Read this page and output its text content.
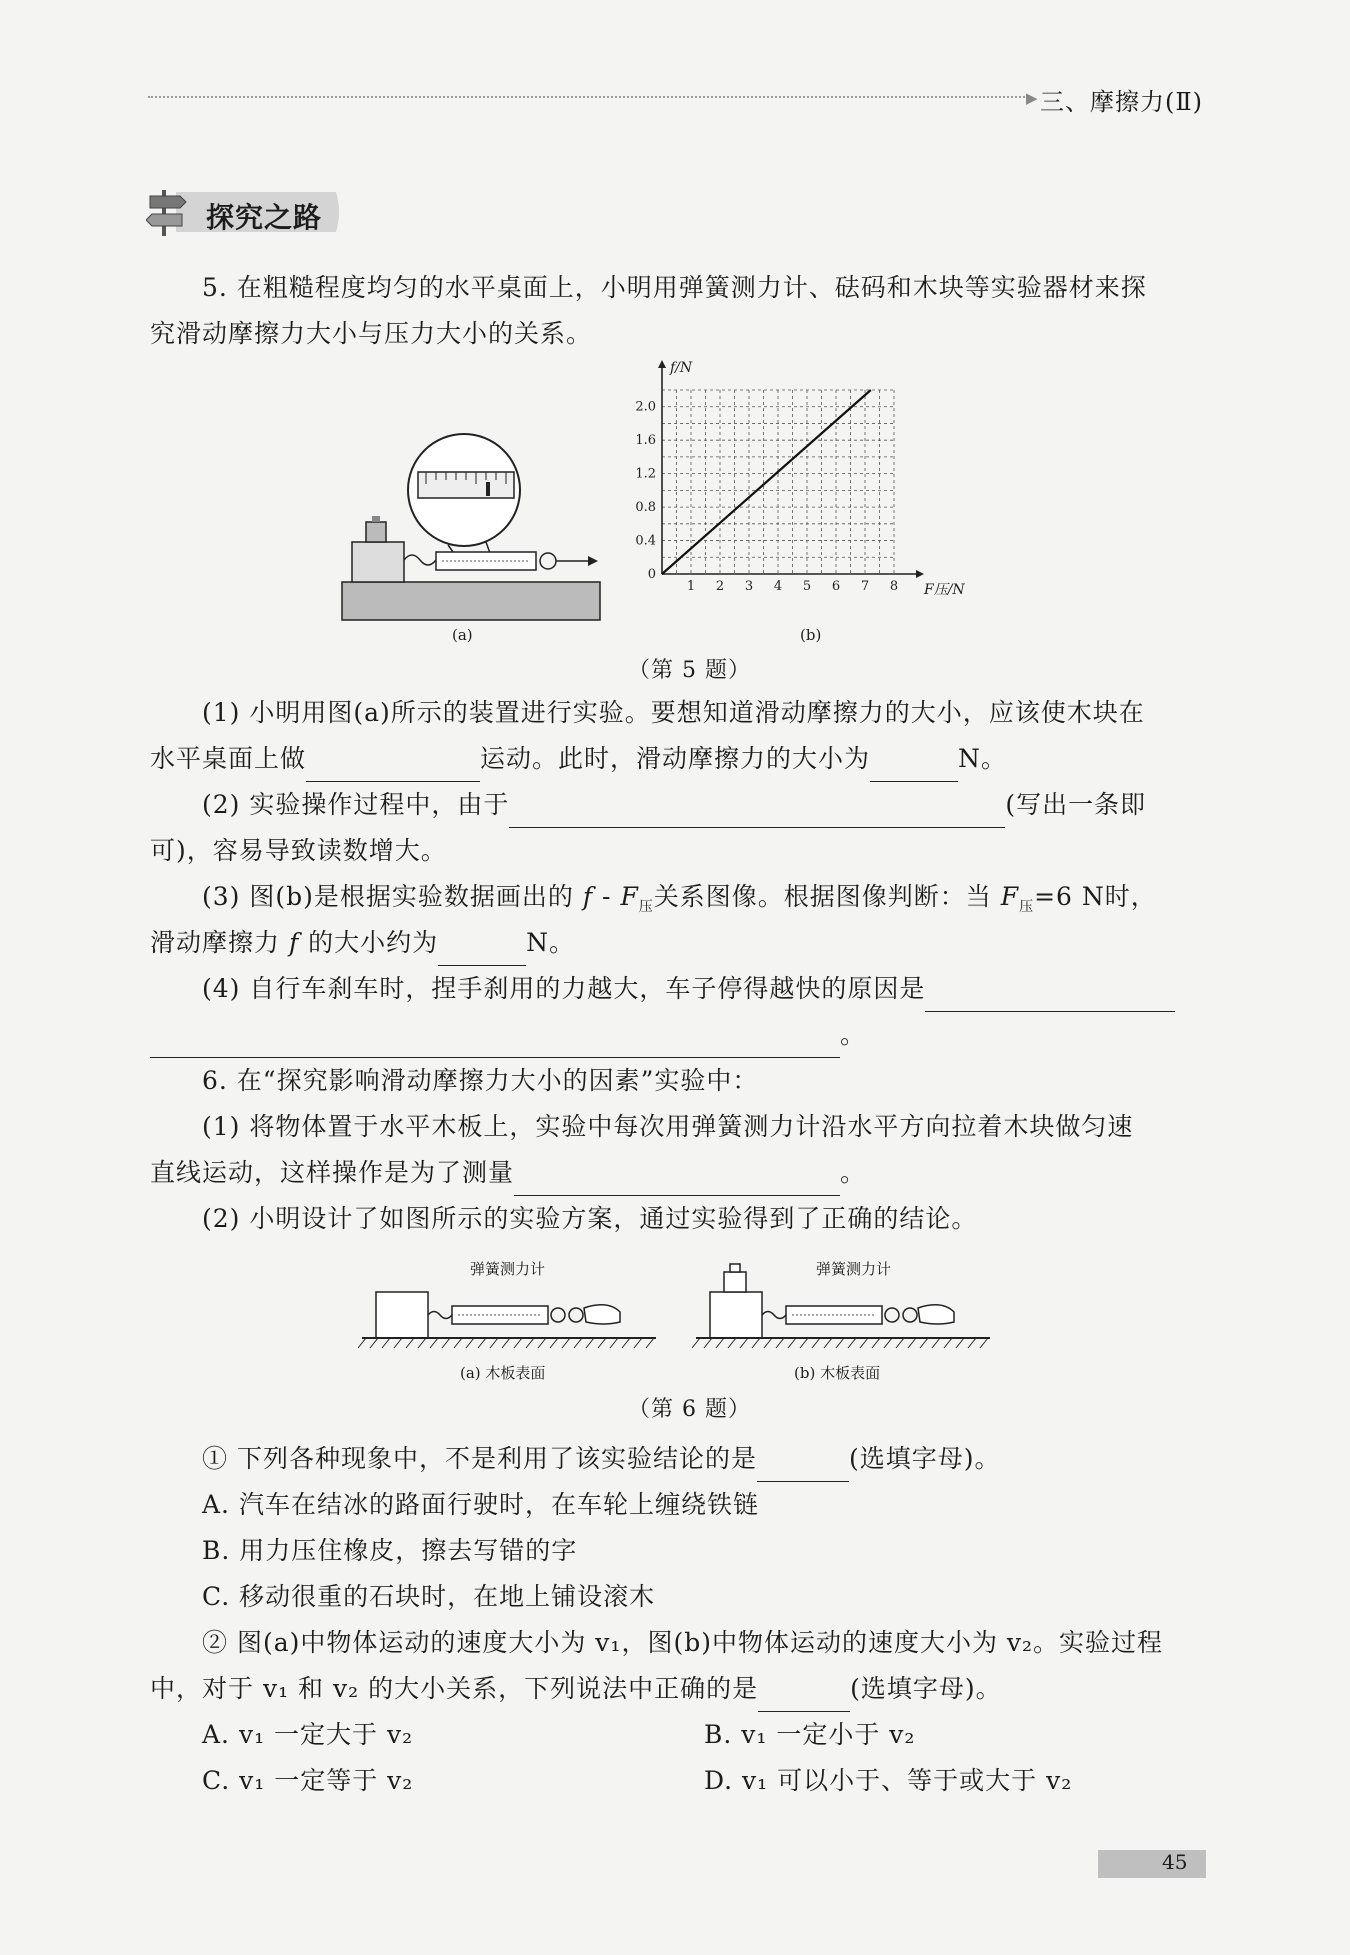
▶ 三、摩擦力(Ⅱ)
探究之路
5. 在粗糙程度均匀的水平桌面上，小明用弹簧测力计、砝码和木块等实验器材来探
究滑动摩擦力大小与压力大小的关系。
(a)
1 2 3 4 5 6 7 8
0
0.4
0.8
1.2
1.6
2.0
f/N
F压/N
(b)
（第 5 题）
(1) 小明用图(a)所示的装置进行实验。要想知道滑动摩擦力的大小，应该使木块在
水平桌面上做	运动。此时，滑动摩擦力的大小为	N。
(2) 实验操作过程中，由于	(写出一条即
可)，容易导致读数增大。
(3) 图(b)是根据实验数据画出的 f - $F_压$关系图像。根据图像判断：当 $F_压=6$ N时，
滑动摩擦力 f 的大小约为	N。
(4) 自行车刹车时，捏手刹用的力越大，车子停得越快的原因是
。
6. 在“探究影响滑动摩擦力大小的因素”实验中：
(1) 将物体置于水平木板上，实验中每次用弹簧测力计沿水平方向拉着木块做匀速
直线运动，这样操作是为了测量	。
(2) 小明设计了如图所示的实验方案，通过实验得到了正确的结论。
弹簧测力计
(a) 木板表面
弹簧测力计
(b) 木板表面
（第 6 题）
① 下列各种现象中，不是利用了该实验结论的是	(选填字母)。
A. 汽车在结冰的路面行驶时，在车轮上缠绕铁链
B. 用力压住橡皮，擦去写错的字
C. 移动很重的石块时，在地上铺设滚木
② 图(a)中物体运动的速度大小为 v₁，图(b)中物体运动的速度大小为 v₂。实验过程
中，对于 v₁ 和 v₂ 的大小关系，下列说法中正确的是	(选填字母)。
A. v₁ 一定大于 v₂	B. v₁ 一定小于 v₂
C. v₁ 一定等于 v₂	D. v₁ 可以小于、等于或大于 v₂
45
